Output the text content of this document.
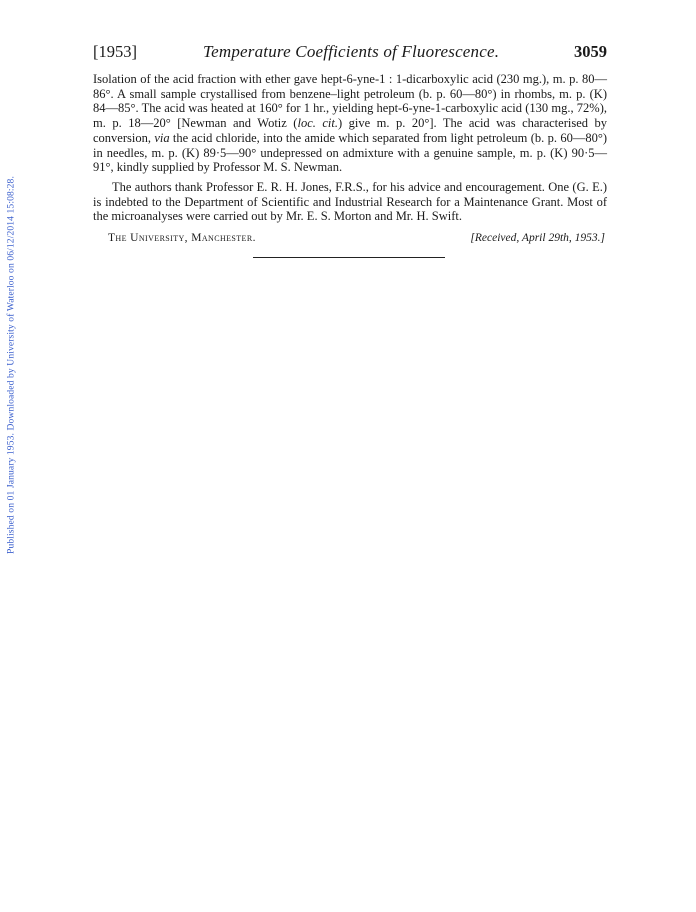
Published on 01 January 1953. Downloaded by University of Waterloo on 06/12/2014 15:08:28.
[1953]	Temperature Coefficients of Fluorescence.	3059

Isolation of the acid fraction with ether gave hept-6-yne-1 : 1-dicarboxylic acid (230 mg.), m. p. 80—86°. A small sample crystallised from benzene–light petroleum (b. p. 60—80°) in rhombs, m. p. (K) 84—85°. The acid was heated at 160° for 1 hr., yielding hept-6-yne-1-carboxylic acid (130 mg., 72%), m. p. 18—20° [Newman and Wotiz (loc. cit.) give m. p. 20°]. The acid was characterised by conversion, via the acid chloride, into the amide which separated from light petroleum (b. p. 60—80°) in needles, m. p. (K) 89·5—90° undepressed on admixture with a genuine sample, m. p. (K) 90·5—91°, kindly supplied by Professor M. S. Newman.

The authors thank Professor E. R. H. Jones, F.R.S., for his advice and encouragement. One (G. E.) is indebted to the Department of Scientific and Industrial Research for a Maintenance Grant. Most of the microanalyses were carried out by Mr. E. S. Morton and Mr. H. Swift.

The University, Manchester.	[Received, April 29th, 1953.]
